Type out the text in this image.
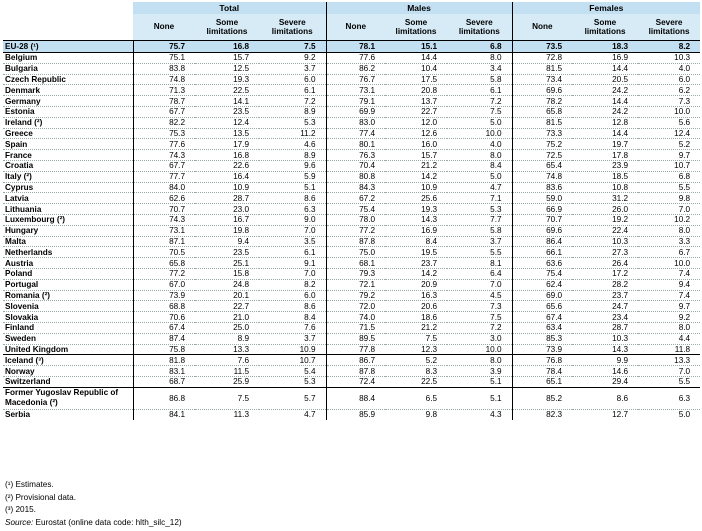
	Total			Males			Females		
	None	Some limitations	Severe limitations	None	Some limitations	Severe limitations	None	Some limitations	Severe limitations
EU-28 (¹)	75.7	16.8	7.5	78.1	15.1	6.8	73.5	18.3	8.2
Belgium	75.1	15.7	9.2	77.6	14.4	8.0	72.8	16.9	10.3
Bulgaria	83.8	12.5	3.7	86.2	10.4	3.4	81.5	14.4	4.0
Czech Republic	74.8	19.3	6.0	76.7	17.5	5.8	73.4	20.5	6.0
Denmark	71.3	22.5	6.1	73.1	20.8	6.1	69.6	24.2	6.2
Germany	78.7	14.1	7.2	79.1	13.7	7.2	78.2	14.4	7.3
Estonia	67.7	23.5	8.9	69.9	22.7	7.5	65.8	24.2	10.0
Ireland (²)	82.2	12.4	5.3	83.0	12.0	5.0	81.5	12.8	5.6
Greece	75.3	13.5	11.2	77.4	12.6	10.0	73.3	14.4	12.4
Spain	77.6	17.9	4.6	80.1	16.0	4.0	75.2	19.7	5.2
France	74.3	16.8	8.9	76.3	15.7	8.0	72.5	17.8	9.7
Croatia	67.7	22.6	9.6	70.4	21.2	8.4	65.4	23.9	10.7
Italy (²)	77.7	16.4	5.9	80.8	14.2	5.0	74.8	18.5	6.8
Cyprus	84.0	10.9	5.1	84.3	10.9	4.7	83.6	10.8	5.5
Latvia	62.6	28.7	8.6	67.2	25.6	7.1	59.0	31.2	9.8
Lithuania	70.7	23.0	6.3	75.4	19.3	5.3	66.9	26.0	7.0
Luxembourg (²)	74.3	16.7	9.0	78.0	14.3	7.7	70.7	19.2	10.2
Hungary	73.1	19.8	7.0	77.2	16.9	5.8	69.6	22.4	8.0
Malta	87.1	9.4	3.5	87.8	8.4	3.7	86.4	10.3	3.3
Netherlands	70.5	23.5	6.1	75.0	19.5	5.5	66.1	27.3	6.7
Austria	65.8	25.1	9.1	68.1	23.7	8.1	63.6	26.4	10.0
Poland	77.2	15.8	7.0	79.3	14.2	6.4	75.4	17.2	7.4
Portugal	67.0	24.8	8.2	72.1	20.9	7.0	62.4	28.2	9.4
Romania (²)	73.9	20.1	6.0	79.2	16.3	4.5	69.0	23.7	7.4
Slovenia	68.8	22.7	8.6	72.0	20.6	7.3	65.6	24.7	9.7
Slovakia	70.6	21.0	8.4	74.0	18.6	7.5	67.4	23.4	9.2
Finland	67.4	25.0	7.6	71.5	21.2	7.2	63.4	28.7	8.0
Sweden	87.4	8.9	3.7	89.5	7.5	3.0	85.3	10.3	4.4
United Kingdom	75.8	13.3	10.9	77.8	12.3	10.0	73.9	14.3	11.8
Iceland (³)	81.8	7.6	10.7	86.7	5.2	8.0	76.8	9.9	13.3
Norway	83.1	11.5	5.4	87.8	8.3	3.9	78.4	14.6	7.0
Switzerland	68.7	25.9	5.3	72.4	22.5	5.1	65.1	29.4	5.5
Former Yugoslav Republic of Macedonia (²)	86.8	7.5	5.7	88.4	6.5	5.1	85.2	8.6	6.3
Serbia	84.1	11.3	4.7	85.9	9.8	4.3	82.3	12.7	5.0
(¹) Estimates.
(²) Provisional data.
(³) 2015.
Source: Eurostat (online data code: hlth_silc_12)
